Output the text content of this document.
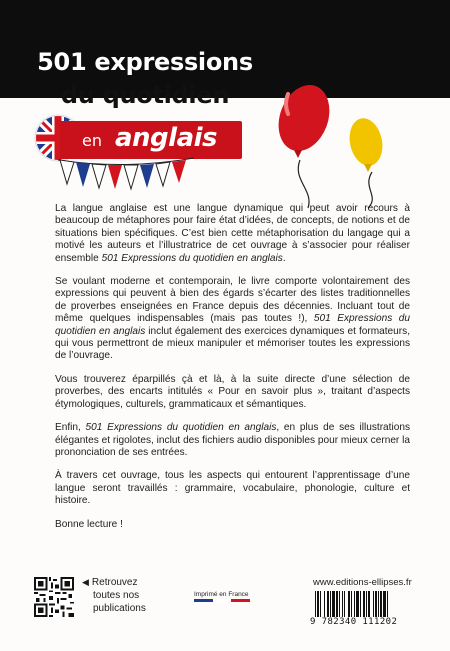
501 expressions
du quotidien
en anglais

La langue anglaise est une langue dynamique qui peut avoir recours à beaucoup de métaphores pour faire état d’idées, de concepts, de notions et de situations bien spécifiques. C’est bien cette métaphorisation du langage qui a motivé les auteurs et l’illustratrice de cet ouvrage à s’associer pour réaliser ensemble 501 Expressions du quotidien en anglais.

Se voulant moderne et contemporain, le livre comporte volontairement des expressions qui peuvent à bien des égards s’écarter des listes traditionnelles de proverbes enseignées en France depuis des décennies. Incluant tout de même quelques indispensables (mais pas toutes !), 501 Expressions du quotidien en anglais inclut également des exercices dynamiques et formateurs, qui vous permettront de mieux manipuler et mémoriser toutes les expressions de l’ouvrage.

Vous trouverez éparpillés çà et là, à la suite directe d’une sélection de proverbes, des encarts intitulés « Pour en savoir plus », traitant d’aspects étymologiques, culturels, grammaticaux et sémantiques.

Enfin, 501 Expressions du quotidien en anglais, en plus de ses illustrations élégantes et rigolotes, inclut des fichiers audio disponibles pour mieux cerner la prononciation de ses entrées.

À travers cet ouvrage, tous les aspects qui entourent l’apprentissage d’une langue seront travaillés : grammaire, vocabulaire, phonologie, culture et histoire.

Bonne lecture !

◀ Retrouvez
toutes nos
publications
Imprimé en France
www.editions-ellipses.fr
9 782340 111202
